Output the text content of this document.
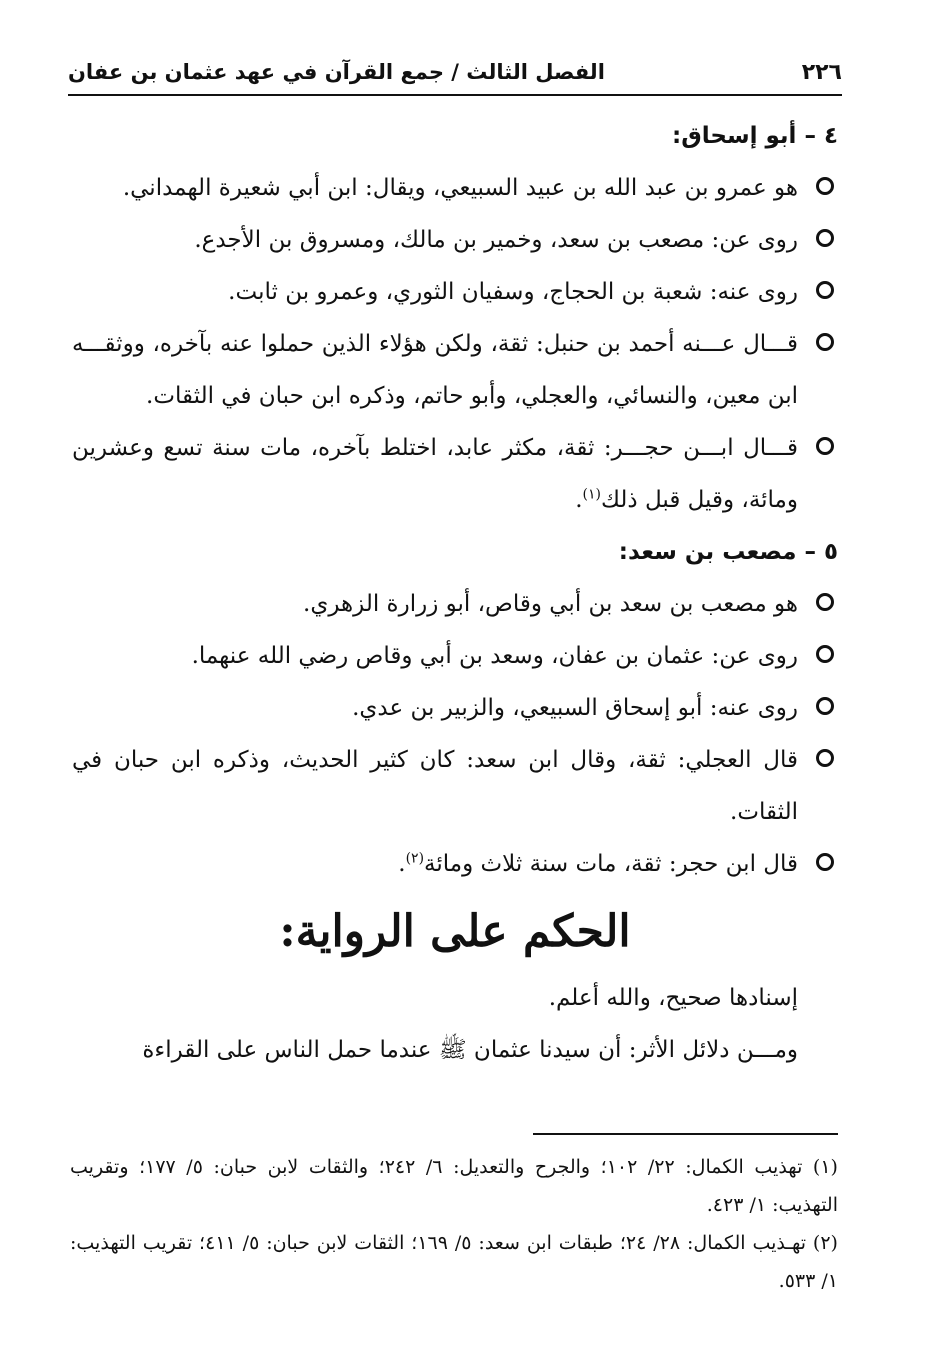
٢٢٦
الفصل الثالث / جمع القرآن في عهد عثمان بن عفان

٤ – أبو إسحاق:

هو عمرو بن عبد الله بن عبيد السبيعي، ويقال: ابن أبي شعيرة الهمداني.

روى عن: مصعب بن سعد، وخمير بن مالك، ومسروق بن الأجدع.

روى عنه: شعبة بن الحجاج، وسفيان الثوري، وعمرو بن ثابت.

قـــال عـــنه أحمد بن حنبل: ثقة، ولكن هؤلاء الذين حملوا عنه بآخره، ووثقـــه ابن معين، والنسائي، والعجلي، وأبو حاتم، وذكره ابن حبان في الثقات.

قـــال ابـــن حجـــر: ثقة، مكثر عابد، اختلط بآخره، مات سنة تسع وعشرين ومائة، وقيل قبل ذلك$^{(١)}$.

٥ – مصعب بن سعد:

هو مصعب بن سعد بن أبي وقاص، أبو زرارة الزهري.

روى عن: عثمان بن عفان، وسعد بن أبي وقاص رضي الله عنهما.

روى عنه: أبو إسحاق السبيعي، والزبير بن عدي.

قال العجلي: ثقة، وقال ابن سعد: كان كثير الحديث، وذكره ابن حبان في الثقات.

قال ابن حجر: ثقة، مات سنة ثلاث ومائة$^{(٢)}$.

الحكم على الرواية:

إسنادها صحيح، والله أعلم.

ومـــن دلائل الأثر: أن سيدنا عثمان ﷺ عندما حمل الناس على القراءة

(١) تهذيب الكمال: ٢٢/ ١٠٢؛ والجرح والتعديل: ٦/ ٢٤٢؛ والثقات لابن حبان: ٥/ ١٧٧؛ وتقريب التهذيب: ١/ ٤٢٣.

(٢) تهـذيب الكمال: ٢٨/ ٢٤؛ طبقات ابن سعد: ٥/ ١٦٩؛ الثقات لابن حبان: ٥/ ٤١١؛ تقريب التهذيب: ١/ ٥٣٣.
